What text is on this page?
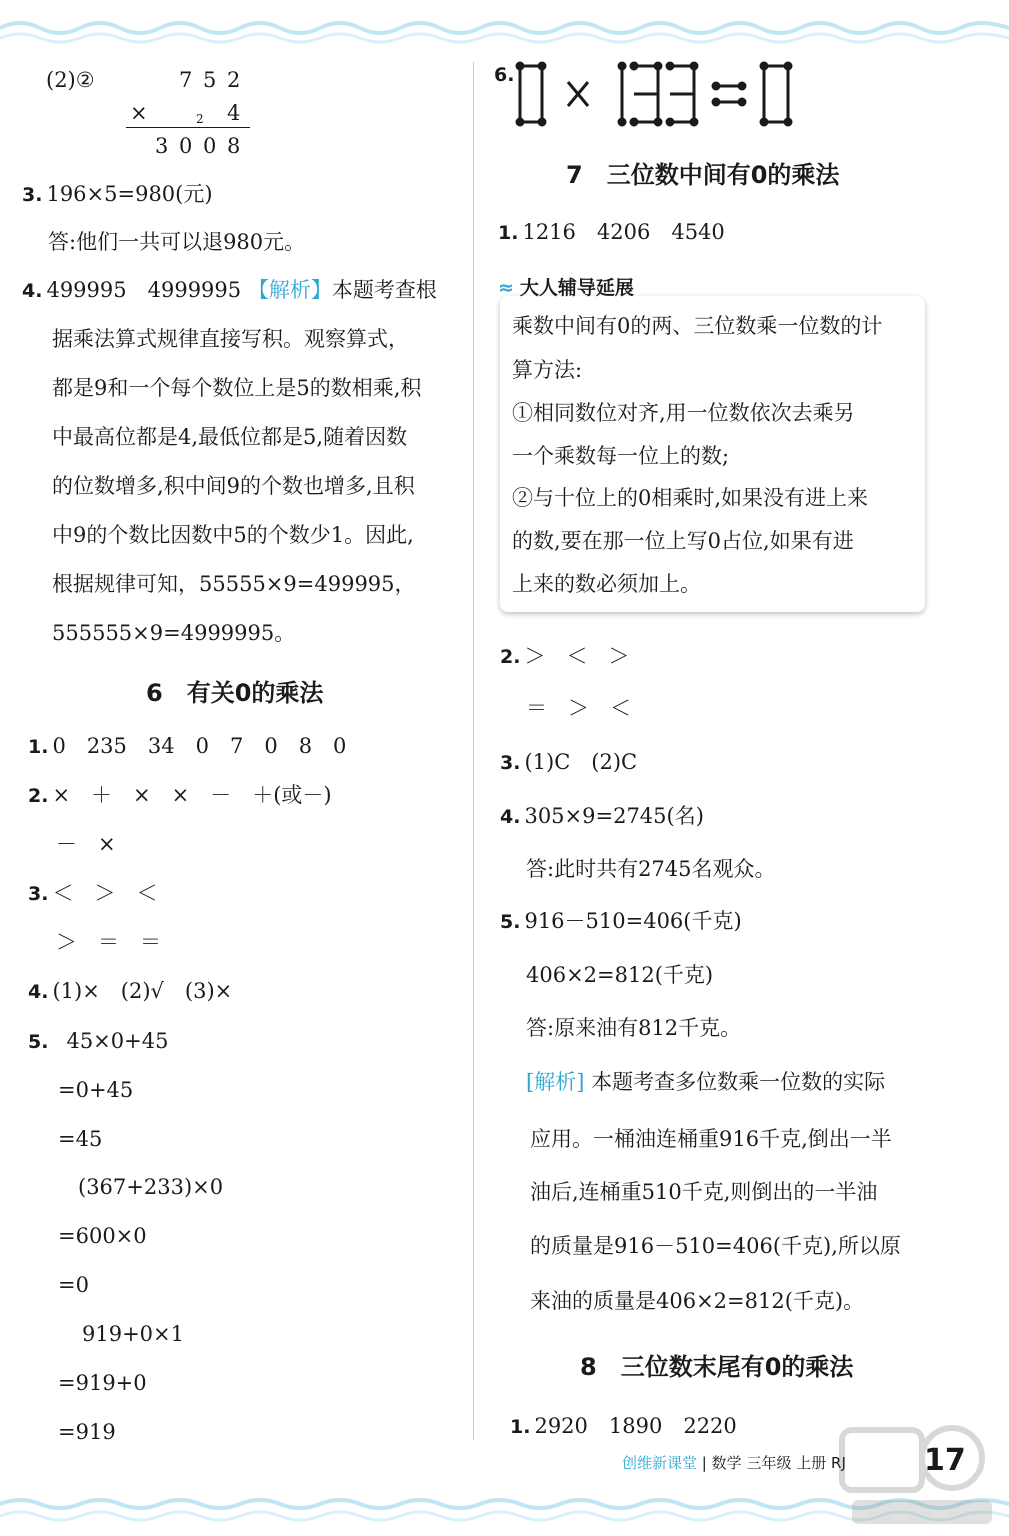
(2)②	7 5 2
×	2 4
3 0 0 8
3. 196×5=980(元)
答:他们一共可以退980元。
4. 499995　4999995 【解析】本题考查根
据乘法算式规律直接写积。观察算式，
都是9和一个每个数位上是5的数相乘,积
中最高位都是4,最低位都是5,随着因数
的位数增多,积中间9的个数也增多,且积
中9的个数比因数中5的个数少1。因此,
根据规律可知，55555×9=499995，
555555×9=4999995。
6　有关0的乘法
1. 0　235　34　0　7　0　8　0
2. ×　＋　×　×　－　＋(或－)
－　×
3. ＜　＞　＜
＞　＝　＝
4. (1)×　(2)√　(3)×
5. 45×0+45
=0+45
=45
(367+233)×0
=600×0
=0
919+0×1
=919+0
=919
6.
7　三位数中间有0的乘法
1. 1216　4206　4540
≈ 大人辅导延展
乘数中间有0的两、三位数乘一位数的计
算方法:
①相同数位对齐,用一位数依次去乘另
一个乘数每一位上的数;
②与十位上的0相乘时,如果没有进上来
的数,要在那一位上写0占位,如果有进
上来的数必须加上。
2. ＞　＜　＞
＝　＞　＜
3. (1)C　(2)C
4. 305×9=2745(名)
答:此时共有2745名观众。
5. 916－510=406(千克)
406×2=812(千克)
答:原来油有812千克。
[解析] 本题考查多位数乘一位数的实际
应用。一桶油连桶重916千克,倒出一半
油后,连桶重510千克,则倒出的一半油
的质量是916－510=406(千克),所以原
来油的质量是406×2=812(千克)。
8　三位数末尾有0的乘法
1. 2920　1890　2220
创维新课堂 | 数学 三年级 上册 RJ	17
